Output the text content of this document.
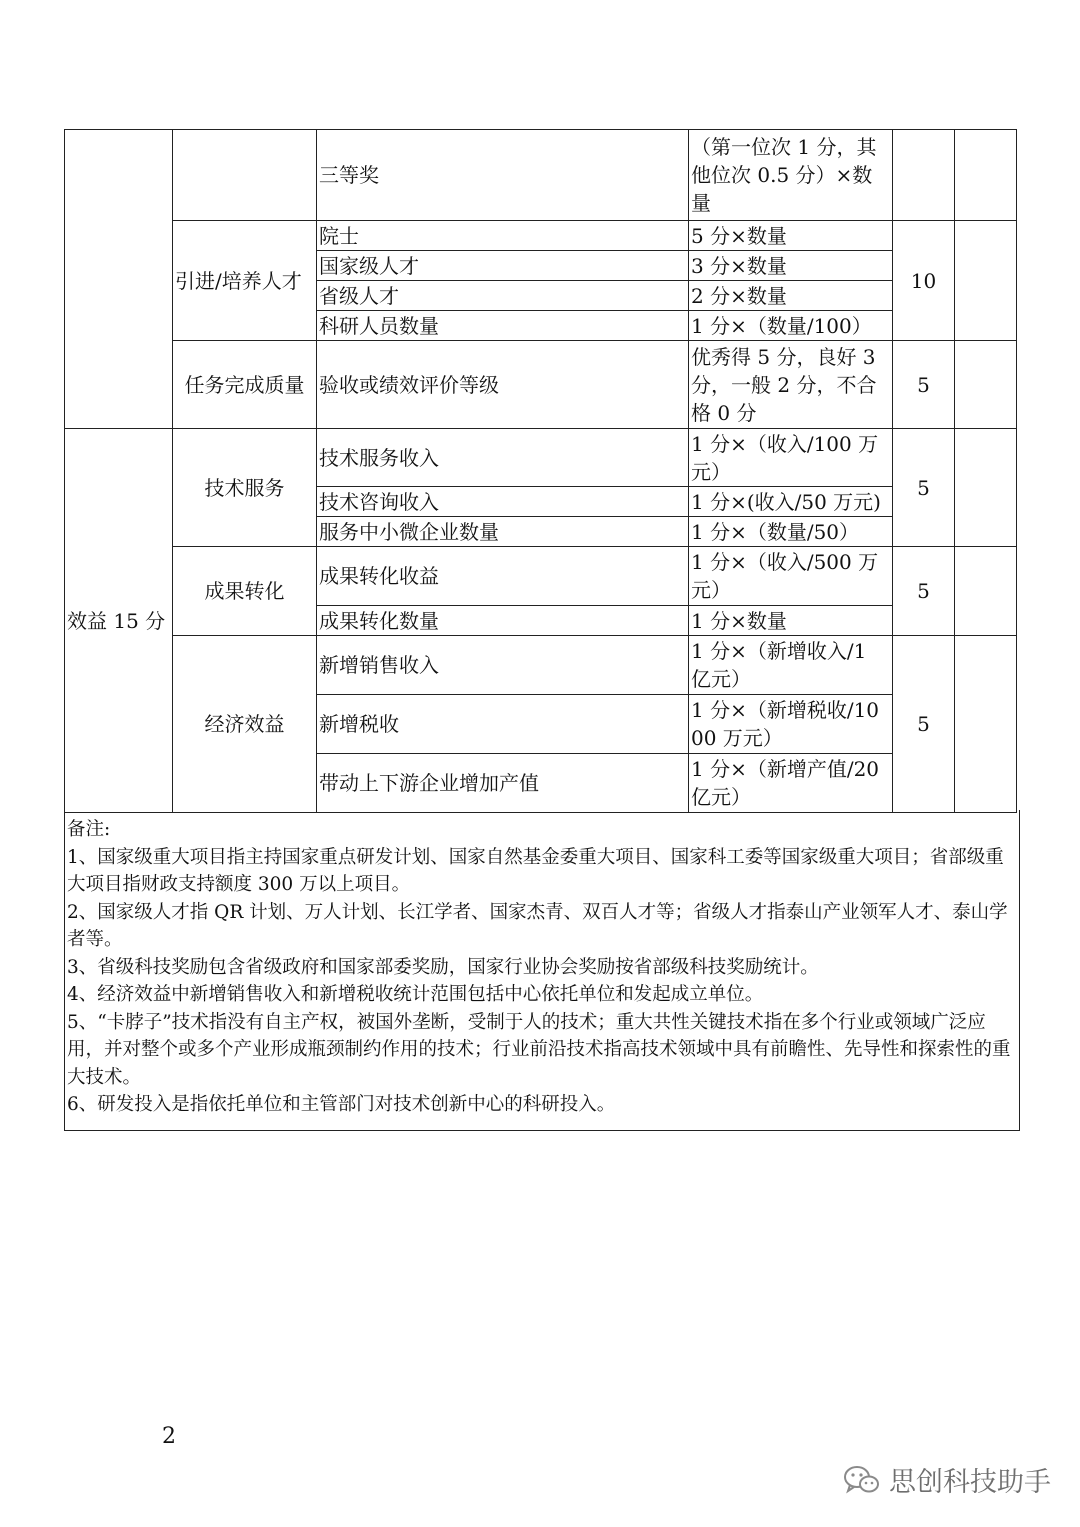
		三等奖	（第一位次 1 分，其他位次 0.5 分）×数量		
	引进/培养人才	院士	5 分×数量	10	
		国家级人才	3 分×数量		
		省级人才	2 分×数量		
		科研人员数量	1 分×（数量/100）		
	任务完成质量	验收或绩效评价等级	优秀得 5 分，良好 3 分，一般 2 分，不合格 0 分	5	
效益 15 分	技术服务	技术服务收入	1 分×（收入/100 万元）	5	
		技术咨询收入	1 分×(收入/50 万元)		
		服务中小微企业数量	1 分×（数量/50）		
	成果转化	成果转化收益	1 分×（收入/500 万元）	5	
		成果转化数量	1 分×数量		
	经济效益	新增销售收入	1 分×（新增收入/1 亿元）	5	
		新增税收	1 分×（新增税收/1000 万元）		
		带动上下游企业增加产值	1 分×（新增产值/20 亿元）		

备注:

1、国家级重大项目指主持国家重点研发计划、国家自然基金委重大项目、国家科工委等国家级重大项目；省部级重大项目指财政支持额度 300 万以上项目。

2、国家级人才指 QR 计划、万人计划、长江学者、国家杰青、双百人才等；省级人才指泰山产业领军人才、泰山学者等。

3、省级科技奖励包含省级政府和国家部委奖励，国家行业协会奖励按省部级科技奖励统计。

4、经济效益中新增销售收入和新增税收统计范围包括中心依托单位和发起成立单位。

5、“卡脖子”技术指没有自主产权，被国外垄断，受制于人的技术；重大共性关键技术指在多个行业或领域广泛应用，并对整个或多个产业形成瓶颈制约作用的技术；行业前沿技术指高技术领域中具有前瞻性、先导性和探索性的重大技术。

6、研发投入是指依托单位和主管部门对技术创新中心的科研投入。

2
思创科技助手
